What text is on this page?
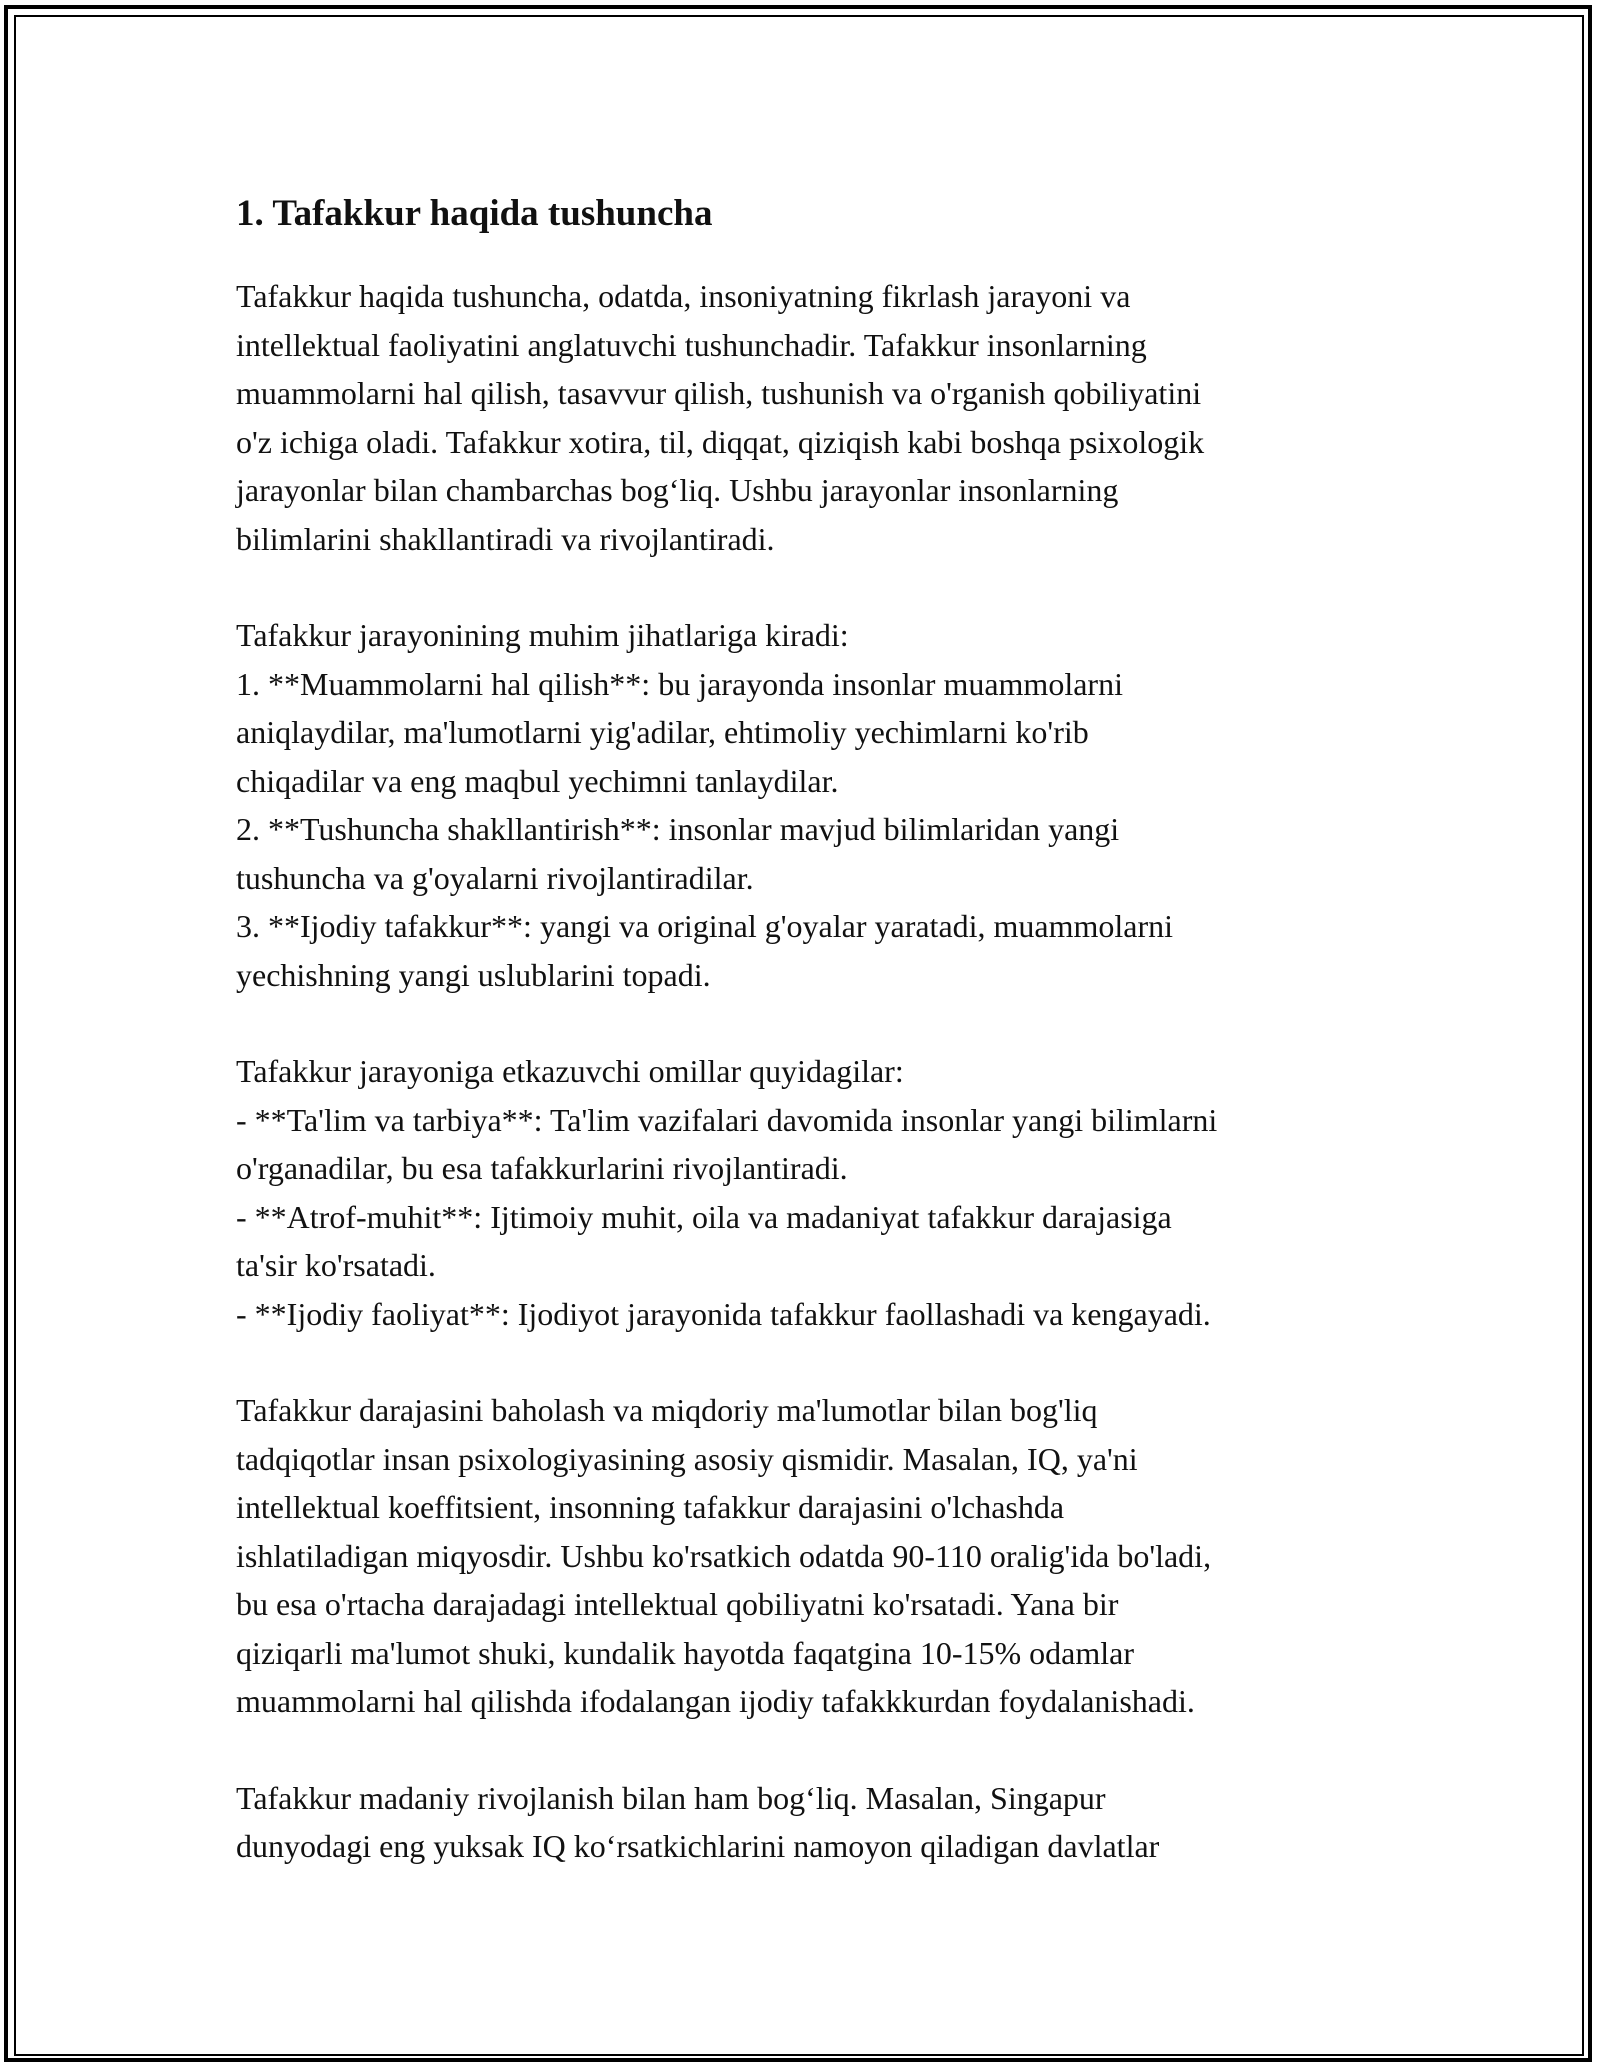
1. Tafakkur haqida tushuncha

Tafakkur haqida tushuncha, odatda, insoniyatning fikrlash jarayoni va
intellektual faoliyatini anglatuvchi tushunchadir. Tafakkur insonlarning
muammolarni hal qilish, tasavvur qilish, tushunish va o'rganish qobiliyatini
o'z ichiga oladi. Tafakkur xotira, til, diqqat, qiziqish kabi boshqa psixologik
jarayonlar bilan chambarchas bog‘liq. Ushbu jarayonlar insonlarning
bilimlarini shakllantiradi va rivojlantiradi.

Tafakkur jarayonining muhim jihatlariga kiradi:
1. **Muammolarni hal qilish**: bu jarayonda insonlar muammolarni
aniqlaydilar, ma'lumotlarni yig'adilar, ehtimoliy yechimlarni ko'rib
chiqadilar va eng maqbul yechimni tanlaydilar.
2. **Tushuncha shakllantirish**: insonlar mavjud bilimlaridan yangi
tushuncha va g'oyalarni rivojlantiradilar.
3. **Ijodiy tafakkur**: yangi va original g'oyalar yaratadi, muammolarni
yechishning yangi uslublarini topadi.

Tafakkur jarayoniga etkazuvchi omillar quyidagilar:
- **Ta'lim va tarbiya**: Ta'lim vazifalari davomida insonlar yangi bilimlarni
o'rganadilar, bu esa tafakkurlarini rivojlantiradi.
- **Atrof-muhit**: Ijtimoiy muhit, oila va madaniyat tafakkur darajasiga
ta'sir ko'rsatadi.
- **Ijodiy faoliyat**: Ijodiyot jarayonida tafakkur faollashadi va kengayadi.

Tafakkur darajasini baholash va miqdoriy ma'lumotlar bilan bog'liq
tadqiqotlar insan psixologiyasining asosiy qismidir. Masalan, IQ, ya'ni
intellektual koeffitsient, insonning tafakkur darajasini o'lchashda
ishlatiladigan miqyosdir. Ushbu ko'rsatkich odatda 90-110 oralig'ida bo'ladi,
bu esa o'rtacha darajadagi intellektual qobiliyatni ko'rsatadi. Yana bir
qiziqarli ma'lumot shuki, kundalik hayotda faqatgina 10-15% odamlar
muammolarni hal qilishda ifodalangan ijodiy tafakkkurdan foydalanishadi.

Tafakkur madaniy rivojlanish bilan ham bog‘liq. Masalan, Singapur
dunyodagi eng yuksak IQ ko‘rsatkichlarini namoyon qiladigan davlatlar
